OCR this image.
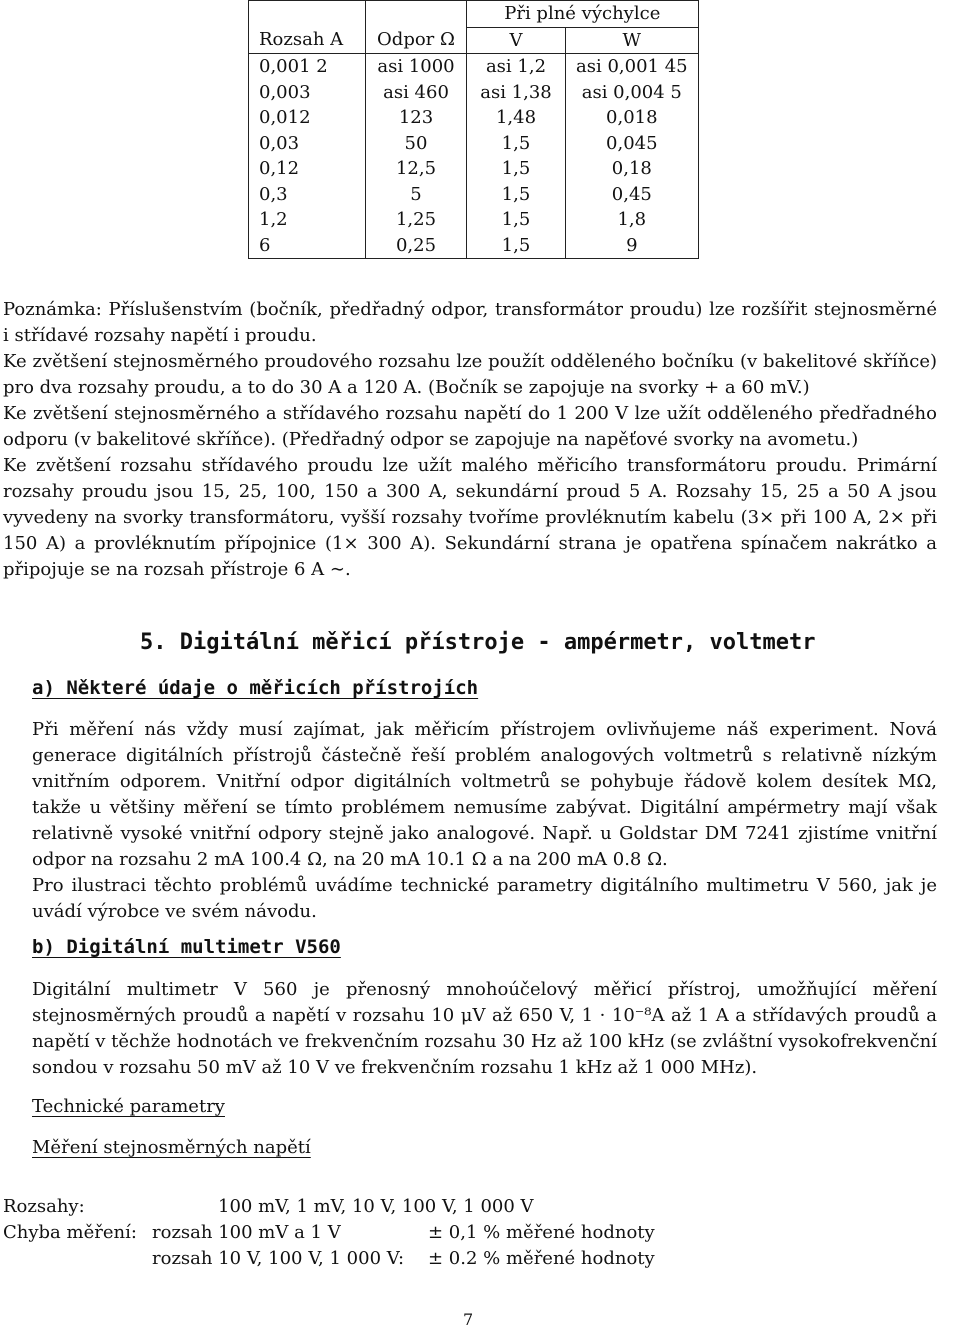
		Při plné výchylce	
Rozsah A	Odpor Ω	V	W
0,001 2	asi 1000	asi 1,2	asi 0,001 45
0,003	asi 460	asi 1,38	asi 0,004 5
0,012	123	1,48	0,018
0,03	50	1,5	0,045
0,12	12,5	1,5	0,18
0,3	5	1,5	0,45
1,2	1,25	1,5	1,8
6	0,25	1,5	9

Poznámka: Příslušenstvím (bočník, předřadný odpor, transformátor proudu) lze rozšířit stejnosměrné i střídavé rozsahy napětí i proudu.

Ke zvětšení stejnosměrného proudového rozsahu lze použít odděleného bočníku (v bakelitové skříňce) pro dva rozsahy proudu, a to do 30 A a 120 A. (Bočník se zapojuje na svorky + a 60 mV.)

Ke zvětšení stejnosměrného a střídavého rozsahu napětí do 1 200 V lze užít odděleného předřadného odporu (v bakelitové skříňce). (Předřadný odpor se zapojuje na napěťové svorky na avometu.)

Ke zvětšení rozsahu střídavého proudu lze užít malého měřicího transformátoru proudu. Primární rozsahy proudu jsou 15, 25, 100, 150 a 300 A, sekundární proud 5 A. Rozsahy 15, 25 a 50 A jsou vyvedeny na svorky transformátoru, vyšší rozsahy tvoříme provléknutím kabelu (3× při 100 A, 2× při 150 A) a provléknutím přípojnice (1× 300 A). Sekundární strana je opatřena spínačem nakrátko a připojuje se na rozsah přístroje 6 A ∼.

5. Digitální měřicí přístroje - ampérmetr, voltmetr
a) Některé údaje o měřicích přístrojích

Při měření nás vždy musí zajímat, jak měřicím přístrojem ovlivňujeme náš experiment. Nová generace digitálních přístrojů částečně řeší problém analogových voltmetrů s relativně nízkým vnitřním odporem. Vnitřní odpor digitálních voltmetrů se pohybuje řádově kolem desítek MΩ, takže u většiny měření se tímto problémem nemusíme zabývat. Digitální ampérmetry mají však relativně vysoké vnitřní odpory stejně jako analogové. Např. u Goldstar DM 7241 zjistíme vnitřní odpor na rozsahu 2 mA 100.4 Ω, na 20 mA 10.1 Ω a na 200 mA 0.8 Ω.

Pro ilustraci těchto problémů uvádíme technické parametry digitálního multimetru V 560, jak je uvádí výrobce ve svém návodu.

b) Digitální multimetr V560

Digitální multimetr V 560 je přenosný mnohoúčelový měřicí přístroj, umožňující měření stejnosměrných proudů a napětí v rozsahu 10 μV až 650 V, 1 · 10⁻⁸A až 1 A a střídavých proudů a napětí v těchže hodnotách ve frekvenčním rozsahu 30 Hz až 100 kHz (se zvláštní vysokofrekvenční sondou v rozsahu 50 mV až 10 V ve frekvenčním rozsahu 1 kHz až 1 000 MHz).

Technické parametry
Měření stejnosměrných napětí
Rozsahy:	100 mV, 1 mV, 10 V, 100 V, 1 000 V
Chyba měření: rozsah 100 mV a 1 V	± 0,1 % měřené hodnoty
rozsah 10 V, 100 V, 1 000 V: ± 0.2 % měřené hodnoty
7
